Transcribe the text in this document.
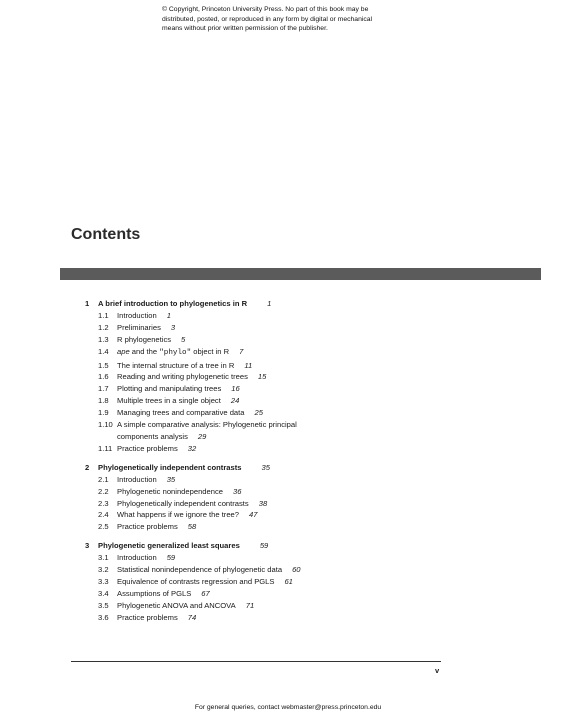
© Copyright, Princeton University Press. No part of this book may be
distributed, posted, or reproduced in any form by digital or mechanical
means without prior written permission of the publisher.
Contents
1 A brief introduction to phylogenetics in R	1
1.1 Introduction 1
1.2 Preliminaries 3
1.3 R phylogenetics 5
1.4 ape and the "phylo" object in R 7
1.5 The internal structure of a tree in R 11
1.6 Reading and writing phylogenetic trees 15
1.7 Plotting and manipulating trees 16
1.8 Multiple trees in a single object 24
1.9 Managing trees and comparative data 25
1.10 A simple comparative analysis: Phylogenetic principal
components analysis 29
1.11 Practice problems 32
2 Phylogenetically independent contrasts	35
2.1 Introduction 35
2.2 Phylogenetic nonindependence 36
2.3 Phylogenetically independent contrasts 38
2.4 What happens if we ignore the tree? 47
2.5 Practice problems 58
3 Phylogenetic generalized least squares	59
3.1 Introduction 59
3.2 Statistical nonindependence of phylogenetic data 60
3.3 Equivalence of contrasts regression and PGLS 61
3.4 Assumptions of PGLS 67
3.5 Phylogenetic ANOVA and ANCOVA 71
3.6 Practice problems 74
v
For general queries, contact webmaster@press.princeton.edu
